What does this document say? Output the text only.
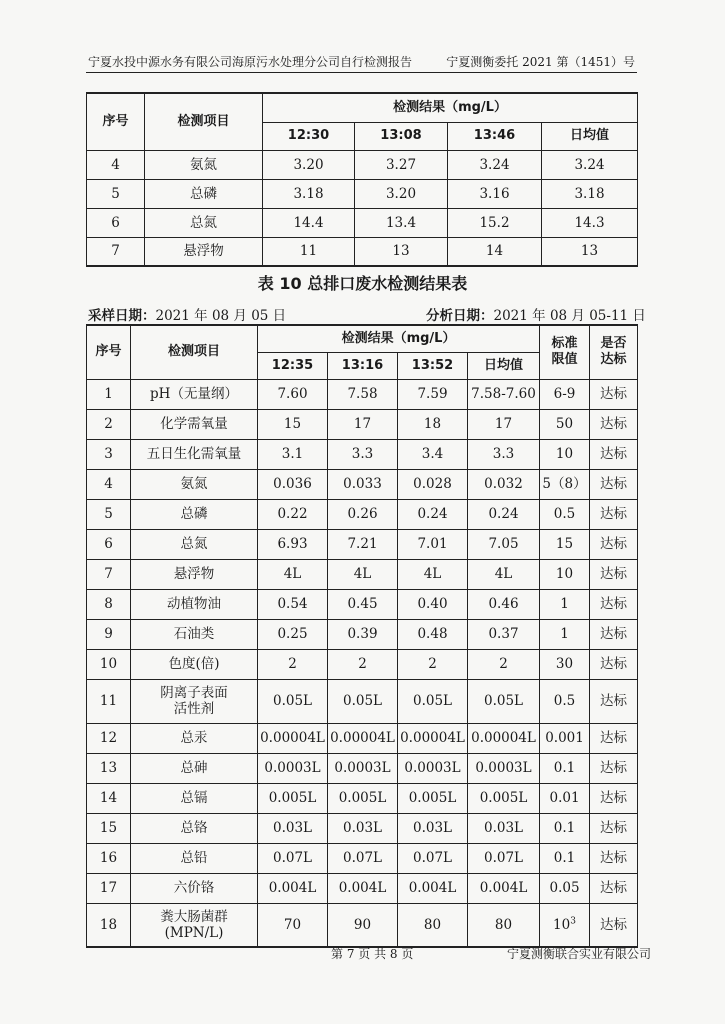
宁夏水投中源水务有限公司海原污水处理分公司自行检测报告	宁夏测衡委托 2021 第（1451）号
序号	检测项目	检测结果（mg/L）			
		12:30	13:08	13:46	日均值
4	氨氮	3.20	3.27	3.24	3.24
5	总磷	3.18	3.20	3.16	3.18
6	总氮	14.4	13.4	15.2	14.3
7	悬浮物	11	13	14	13
表 10 总排口废水检测结果表
采样日期：2021 年 08 月 05 日	分析日期：2021 年 08 月 05-11 日
序号	检测项目	检测结果（mg/L）				标准限值	是否达标
		12:35	13:16	13:52	日均值		
1	pH（无量纲）	7.60	7.58	7.59	7.58-7.60	6-9	达标
2	化学需氧量	15	17	18	17	50	达标
3	五日生化需氧量	3.1	3.3	3.4	3.3	10	达标
4	氨氮	0.036	0.033	0.028	0.032	5（8）	达标
5	总磷	0.22	0.26	0.24	0.24	0.5	达标
6	总氮	6.93	7.21	7.01	7.05	15	达标
7	悬浮物	4L	4L	4L	4L	10	达标
8	动植物油	0.54	0.45	0.40	0.46	1	达标
9	石油类	0.25	0.39	0.48	0.37	1	达标
10	色度(倍)	2	2	2	2	30	达标
11	阴离子表面
活性剂	0.05L	0.05L	0.05L	0.05L	0.5	达标
12	总汞	0.00004L	0.00004L	0.00004L	0.00004L	0.001	达标
13	总砷	0.0003L	0.0003L	0.0003L	0.0003L	0.1	达标
14	总镉	0.005L	0.005L	0.005L	0.005L	0.01	达标
15	总铬	0.03L	0.03L	0.03L	0.03L	0.1	达标
16	总铅	0.07L	0.07L	0.07L	0.07L	0.1	达标
17	六价铬	0.004L	0.004L	0.004L	0.004L	0.05	达标
18	粪大肠菌群
(MPN/L)	70	90	80	80	$10^3$	达标
第 7 页 共 8 页	宁夏测衡联合实业有限公司
